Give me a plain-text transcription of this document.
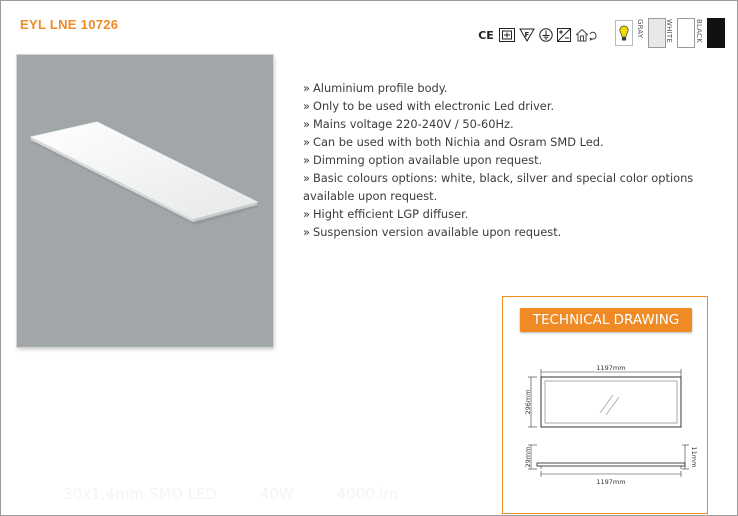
EYL LNE 10726
CE	F	GRAY	WHITE	BLACK
» Aluminium profile body.
» Only to be used with electronic Led driver.
» Mains voltage 220-240V / 50-60Hz.
» Can be used with both Nichia and Osram SMD Led.
» Dimming option available upon request.
» Basic colours options: white, black, silver and special color options available upon request.
» Hight efficient LGP diffuser.
» Suspension version available upon request.
TECHNICAL DRAWING
1197mm
296mm
29mm	11mm
1197mm
30x1,4mm SMD LED	40W	4000 lm
